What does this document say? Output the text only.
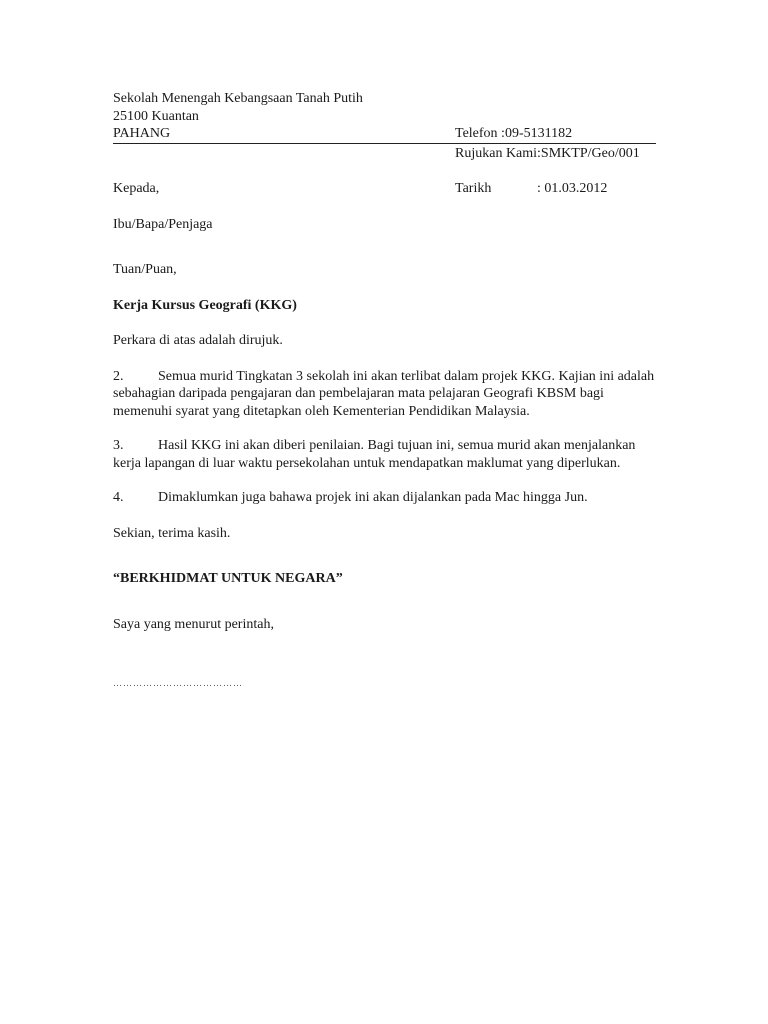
Sekolah Menengah Kebangsaan Tanah Putih
25100 Kuantan
PAHANG	Telefon :09-5131182
Rujukan Kami:SMKTP/Geo/001
Kepada,	Tarikh	: 01.03.2012
Ibu/Bapa/Penjaga
Tuan/Puan,
Kerja Kursus Geografi (KKG)
Perkara di atas adalah dirujuk.

2. Semua murid Tingkatan 3 sekolah ini akan terlibat dalam projek KKG. Kajian ini adalah sebahagian daripada pengajaran dan pembelajaran mata pelajaran Geografi KBSM bagi memenuhi syarat yang ditetapkan oleh Kementerian Pendidikan Malaysia.

3. Hasil KKG ini akan diberi penilaian. Bagi tujuan ini, semua murid akan menjalankan kerja lapangan di luar waktu persekolahan untuk mendapatkan maklumat yang diperlukan.

4. Dimaklumkan juga bahawa projek ini akan dijalankan pada Mac hingga Jun.

Sekian, terima kasih.
“BERKHIDMAT UNTUK NEGARA”
Saya yang menurut perintah,
…………………………………
